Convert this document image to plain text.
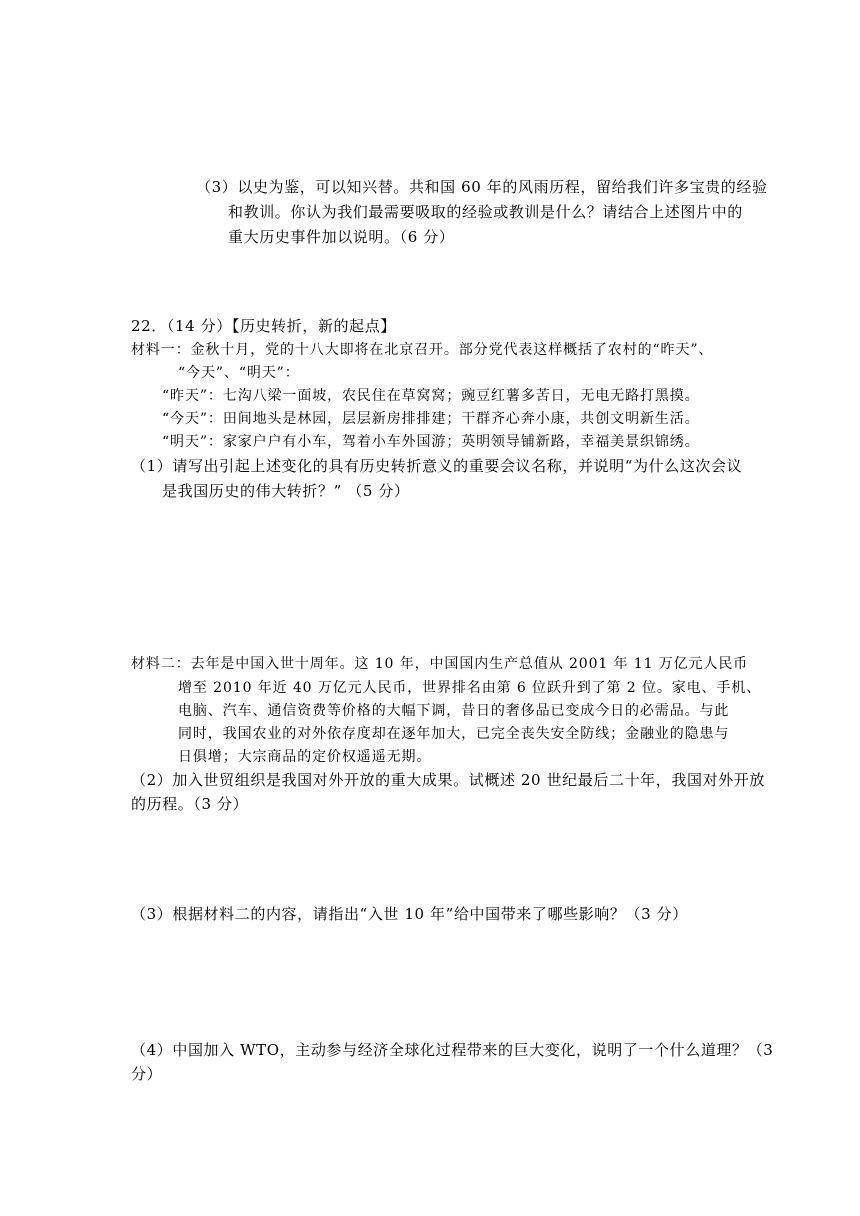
（3）以史为鉴，可以知兴替。共和国 60 年的风雨历程，留给我们许多宝贵的经验
和教训。你认为我们最需要吸取的经验或教训是什么？请结合上述图片中的
重大历史事件加以说明。（6 分）
22．（14 分）【历史转折，新的起点】
材料一：金秋十月，党的十八大即将在北京召开。部分党代表这样概括了农村的“昨天”、
“今天”、“明天”：
“昨天”：七沟八梁一面坡，农民住在草窝窝；豌豆红薯多苦日，无电无路打黑摸。
“今天”：田间地头是林园，层层新房排排建；干群齐心奔小康，共创文明新生活。
“明天”：家家户户有小车，驾着小车外国游；英明领导铺新路，幸福美景织锦绣。
（1）请写出引起上述变化的具有历史转折意义的重要会议名称，并说明“为什么这次会议
是我国历史的伟大转折？” （5 分）
材料二：去年是中国入世十周年。这 10 年，中国国内生产总值从 2001 年 11 万亿元人民币
增至 2010 年近 40 万亿元人民币，世界排名由第 6 位跃升到了第 2 位。家电、手机、
电脑、汽车、通信资费等价格的大幅下调，昔日的奢侈品已变成今日的必需品。与此
同时，我国农业的对外依存度却在逐年加大，已完全丧失安全防线；金融业的隐患与
日俱增；大宗商品的定价权遥遥无期。
（2）加入世贸组织是我国对外开放的重大成果。试概述 20 世纪最后二十年，我国对外开放
的历程。（3 分）
（3）根据材料二的内容，请指出“入世 10 年”给中国带来了哪些影响？（3 分）
（4）中国加入 WTO，主动参与经济全球化过程带来的巨大变化，说明了一个什么道理？（3
分）
